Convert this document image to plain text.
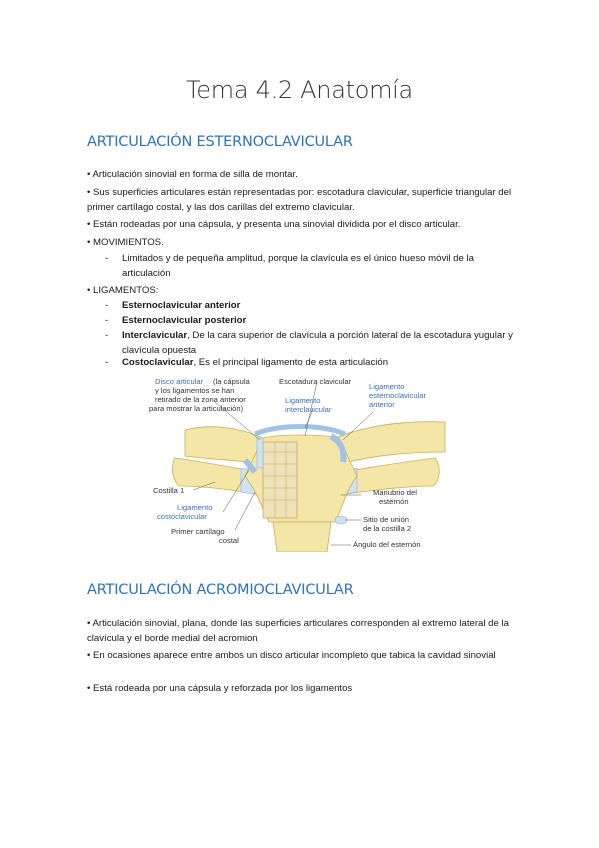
Tema 4.2 Anatomía
ARTICULACIÓN ESTERNOCLAVICULAR
• Articulación sinovial en forma de silla de montar.
• Sus superficies articulares están representadas por: escotadura clavicular, superficie triangular del primer cartílago costal, y las dos carillas del extremo clavicular.
• Están rodeadas por una cápsula, y presenta una sinovial dividida por el disco articular.
• MOVIMIENTOS.
- Limitados y de pequeña amplitud, porque la clavícula es el único hueso móvil de la articulación
• LIGAMENTOS:
- Esternoclavicular anterior
- Esternoclavicular posterior
- Interclavicular, De la cara superior de clavícula a porción lateral de la escotadura yugular y clavícula opuesta
- Costoclavicular, Es el principal ligamento de esta articulación
Disco articular (la cápsula
y los ligamentos se han
retirado de la zona anterior
para mostrar la articulación)
Escotadura clavicular
Ligamento
interclavicular
Ligamento
esternoclavicular
anterior
Costilla 1
Ligamento
costoclavicular
Primer cartílago
costal
Manubrio del
esternón
Sitio de unión
de la costilla 2
Ángulo del esternón
ARTICULACIÓN ACROMIOCLAVICULAR
• Articulación sinovial, plana, donde las superficies articulares corresponden al extremo lateral de la clavícula y el borde medial del acromion
• En ocasiones aparece entre ambos un disco articular incompleto que tabica la cavidad sinovial
• Está rodeada por una cápsula y reforzada por los ligamentos
